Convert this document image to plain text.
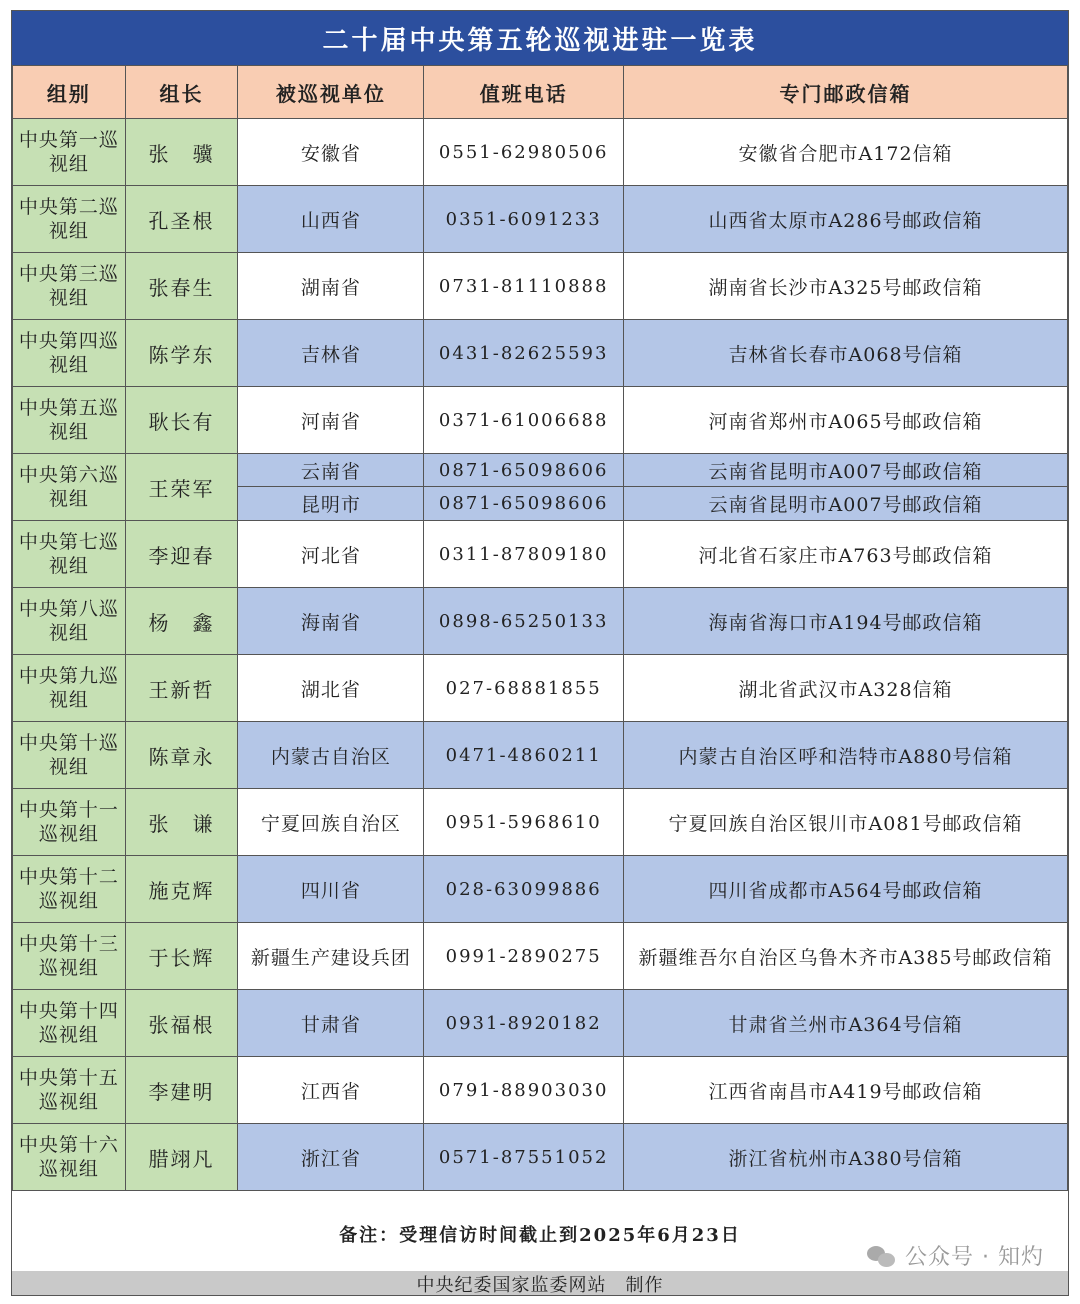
二十届中央第五轮巡视进驻一览表
组别	组长	被巡视单位	值班电话	专门邮政信箱
中央第一巡视组	张　骥	安徽省	0551-62980506	安徽省合肥市A172信箱
中央第二巡视组	孔圣根	山西省	0351-6091233	山西省太原市A286号邮政信箱
中央第三巡视组	张春生	湖南省	0731-81110888	湖南省长沙市A325号邮政信箱
中央第四巡视组	陈学东	吉林省	0431-82625593	吉林省长春市A068号信箱
中央第五巡视组	耿长有	河南省	0371-61006688	河南省郑州市A065号邮政信箱
中央第六巡视组	王荣军	云南省	0871-65098606	云南省昆明市A007号邮政信箱
		昆明市	0871-65098606	云南省昆明市A007号邮政信箱
中央第七巡视组	李迎春	河北省	0311-87809180	河北省石家庄市A763号邮政信箱
中央第八巡视组	杨　鑫	海南省	0898-65250133	海南省海口市A194号邮政信箱
中央第九巡视组	王新哲	湖北省	027-68881855	湖北省武汉市A328信箱
中央第十巡视组	陈章永	内蒙古自治区	0471-4860211	内蒙古自治区呼和浩特市A880号信箱
中央第十一巡视组	张　谦	宁夏回族自治区	0951-5968610	宁夏回族自治区银川市A081号邮政信箱
中央第十二巡视组	施克辉	四川省	028-63099886	四川省成都市A564号邮政信箱
中央第十三巡视组	于长辉	新疆生产建设兵团	0991-2890275	新疆维吾尔自治区乌鲁木齐市A385号邮政信箱
中央第十四巡视组	张福根	甘肃省	0931-8920182	甘肃省兰州市A364号信箱
中央第十五巡视组	李建明	江西省	0791-88903030	江西省南昌市A419号邮政信箱
中央第十六巡视组	腊翊凡	浙江省	0571-87551052	浙江省杭州市A380号信箱
备注：受理信访时间截止到2025年6月23日
中央纪委国家监委网站　制作
公众号 · 知灼
